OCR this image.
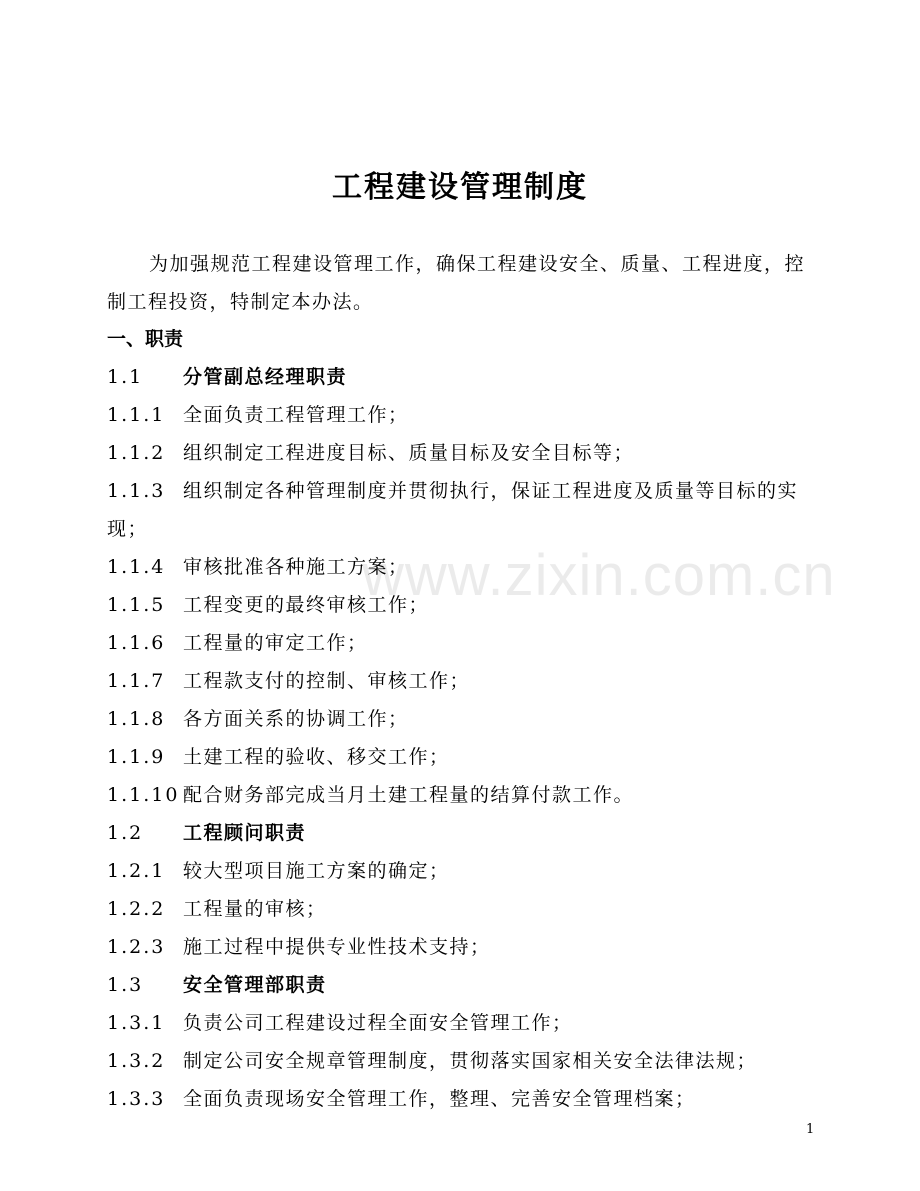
工程建设管理制度

为加强规范工程建设管理工作，确保工程建设安全、质量、工程进度，控制工程投资，特制定本办法。

一、职责
1.1 分管副总经理职责
1.1.1 全面负责工程管理工作；
1.1.2 组织制定工程进度目标、质量目标及安全目标等；
1.1.3 组织制定各种管理制度并贯彻执行，保证工程进度及质量等目标的实现；
1.1.4 审核批准各种施工方案；
1.1.5 工程变更的最终审核工作；
1.1.6 工程量的审定工作；
1.1.7 工程款支付的控制、审核工作；
1.1.8 各方面关系的协调工作；
1.1.9 土建工程的验收、移交工作；
1.1.10 配合财务部完成当月土建工程量的结算付款工作。
1.2 工程顾问职责
1.2.1 较大型项目施工方案的确定；
1.2.2 工程量的审核；
1.2.3 施工过程中提供专业性技术支持；
1.3 安全管理部职责
1.3.1 负责公司工程建设过程全面安全管理工作；
1.3.2 制定公司安全规章管理制度，贯彻落实国家相关安全法律法规；
1.3.3 全面负责现场安全管理工作，整理、完善安全管理档案；
www.zixin.com.cn
1
